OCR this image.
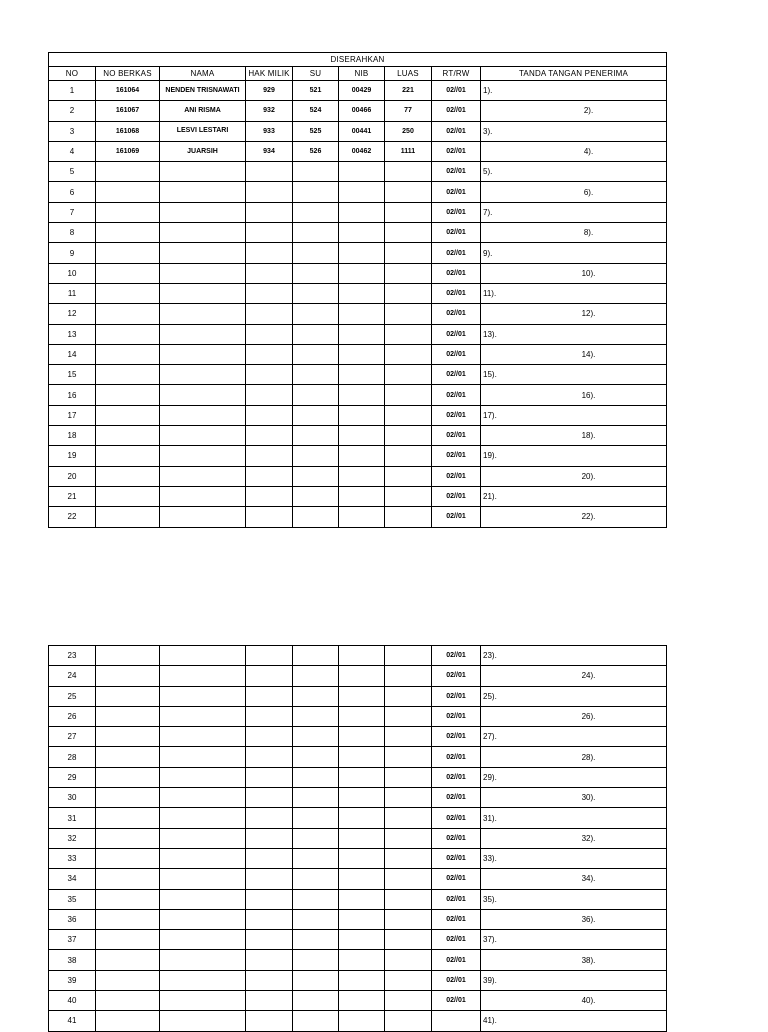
DISERAHKAN								
NO	NO BERKAS	NAMA	HAK MILIK	SU	NIB	LUAS	RT/RW	TANDA TANGAN PENERIMA
1	161064	NENDEN TRISNAWATI	929	521	00429	221	02//01	1).
2	161067	ANI RISMA	932	524	00466	77	02//01	2).
3	161068	LESVI LESTARI	933	525	00441	250	02//01	3).
4	161069	JUARSIH	934	526	00462	1111	02//01	4).
5							02//01	5).
6							02//01	6).
7							02//01	7).
8							02//01	8).
9							02//01	9).
10							02//01	10).
11							02//01	11).
12							02//01	12).
13							02//01	13).
14							02//01	14).
15							02//01	15).
16							02//01	16).
17							02//01	17).
18							02//01	18).
19							02//01	19).
20							02//01	20).
21							02//01	21).
22							02//01	22).
23							02//01	23).
24							02//01	24).
25							02//01	25).
26							02//01	26).
27							02//01	27).
28							02//01	28).
29							02//01	29).
30							02//01	30).
31							02//01	31).
32							02//01	32).
33							02//01	33).
34							02//01	34).
35							02//01	35).
36							02//01	36).
37							02//01	37).
38							02//01	38).
39							02//01	39).
40							02//01	40).
41								41).
